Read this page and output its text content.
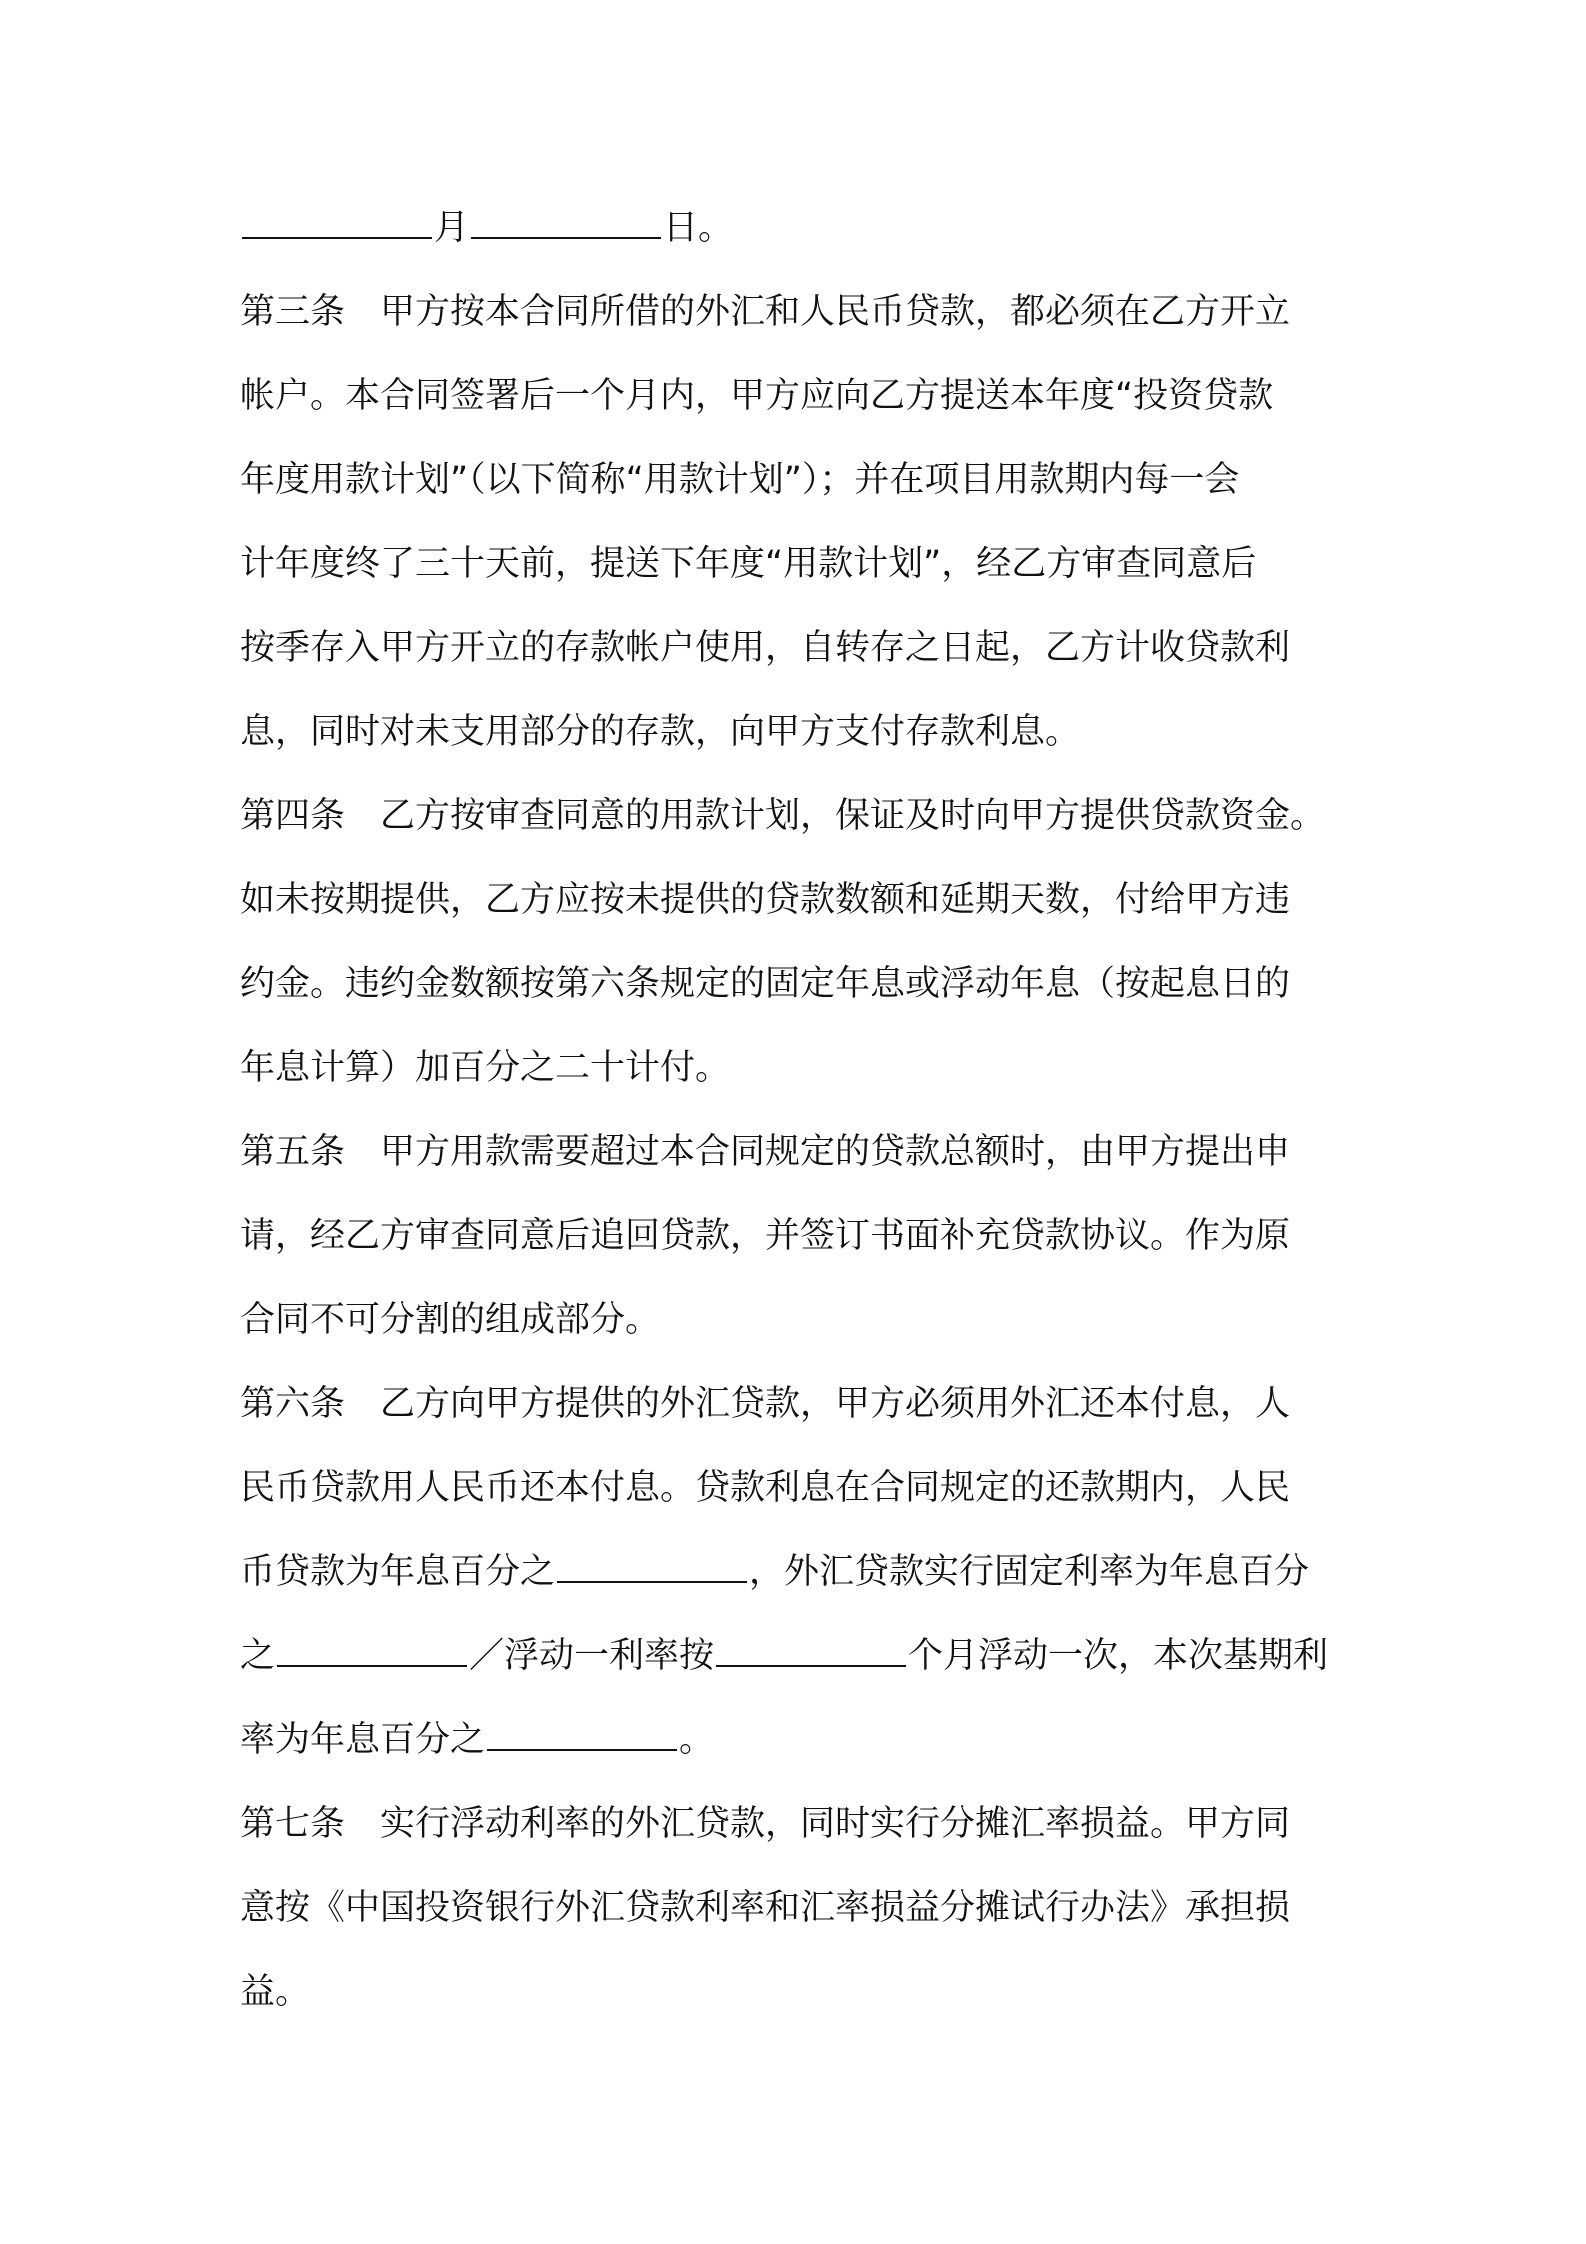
月	日。
第三条　甲方按本合同所借的外汇和人民币贷款，都必须在乙方开立
帐户。本合同签署后一个月内，甲方应向乙方提送本年度“投资贷款
年度用款计划”（以下简称“用款计划”）；并在项目用款期内每一会
计年度终了三十天前，提送下年度“用款计划”，经乙方审查同意后
按季存入甲方开立的存款帐户使用，自转存之日起，乙方计收贷款利
息，同时对未支用部分的存款，向甲方支付存款利息。
第四条　乙方按审查同意的用款计划，保证及时向甲方提供贷款资金。
如未按期提供，乙方应按未提供的贷款数额和延期天数，付给甲方违
约金。违约金数额按第六条规定的固定年息或浮动年息（按起息日的
年息计算）加百分之二十计付。
第五条　甲方用款需要超过本合同规定的贷款总额时，由甲方提出申
请，经乙方审查同意后追回贷款，并签订书面补充贷款协议。作为原
合同不可分割的组成部分。
第六条　乙方向甲方提供的外汇贷款，甲方必须用外汇还本付息，人
民币贷款用人民币还本付息。贷款利息在合同规定的还款期内，人民
币贷款为年息百分之	，外汇贷款实行固定利率为年息百分
之	／浮动一利率按	个月浮动一次，本次基期利
率为年息百分之	。
第七条　实行浮动利率的外汇贷款，同时实行分摊汇率损益。甲方同
意按《中国投资银行外汇贷款利率和汇率损益分摊试行办法》承担损
益。
